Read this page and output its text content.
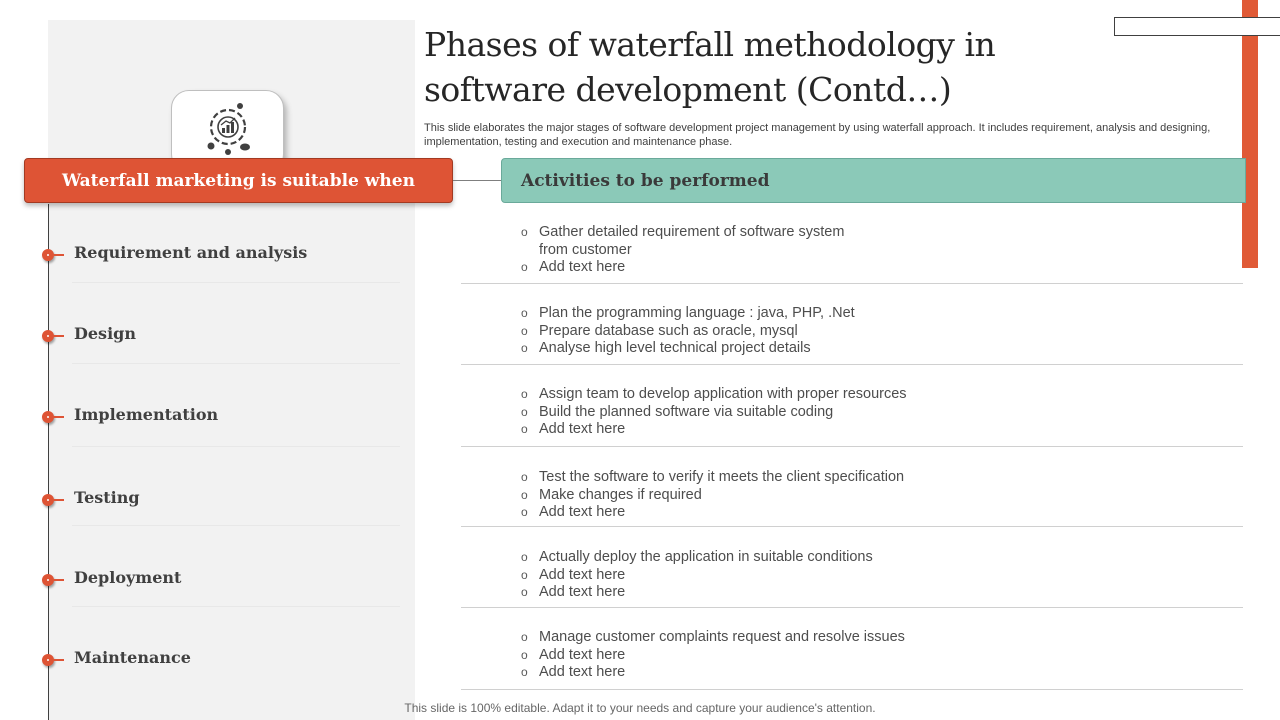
Waterfall marketing is suitable when	Activities to be performed
Phases of waterfall methodology in software development (Contd…)

This slide elaborates the major stages of software development project management by using waterfall approach. It includes requirement, analysis and designing, implementation, testing and execution and maintenance phase.

Requirement and analysis
Design
Implementation
Testing
Deployment
Maintenance
o Gather detailed requirement of software system from customer
o Add text here
o Plan the programming language : java, PHP, .Net
o Prepare database such as oracle, mysql
o Analyse high level technical project details
o Assign team to develop application with proper resources
o Build the planned software via suitable coding
o Add text here
o Test the software to verify it meets the client specification
o Make changes if required
o Add text here
o Actually deploy the application in suitable conditions
o Add text here
o Add text here
o Manage customer complaints request and resolve issues
o Add text here
o Add text here
This slide is 100% editable. Adapt it to your needs and capture your audience's attention.
